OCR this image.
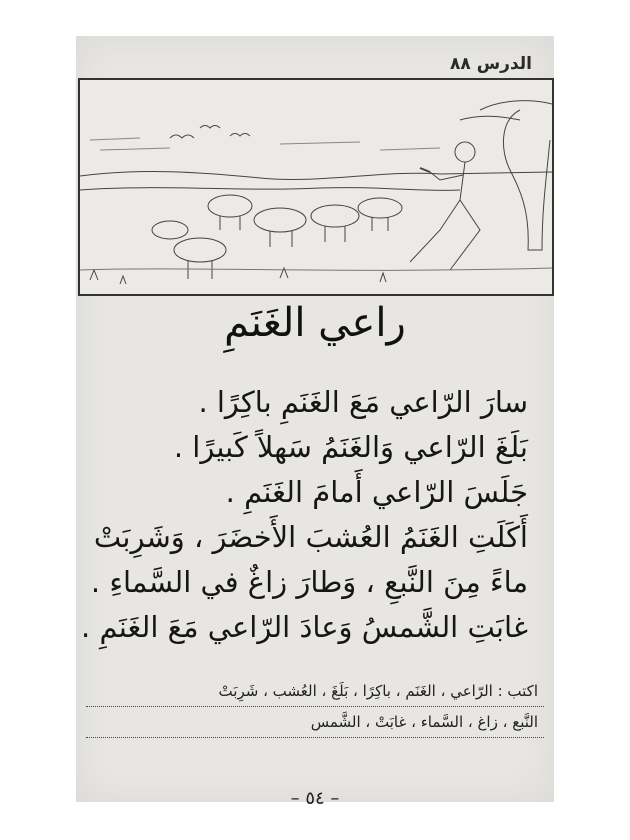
الدرس ٨٨
راعي الغَنَمِ
سارَ الرّاعي مَعَ الغَنَمِ باكِرًا .
بَلَغَ الرّاعي وَالغَنَمُ سَهلاً كَبيرًا .
جَلَسَ الرّاعي أَمامَ الغَنَمِ .
أَكَلَتِ الغَنَمُ العُشبَ الأَخضَرَ ، وَشَرِبَتْ
ماءً مِنَ النَّبعِ ، وَطارَ زاغٌ في السَّماءِ .
غابَتِ الشَّمسُ وَعادَ الرّاعي مَعَ الغَنَمِ .
اكتب : الرّاعي ، الغَنَم ، باكِرًا ، بَلَغَ ، العُشب ، شَرِبَتْ
النَّبع ، زاغ ، السَّماء ، غابَتْ ، الشَّمس
– ٥٤ –
